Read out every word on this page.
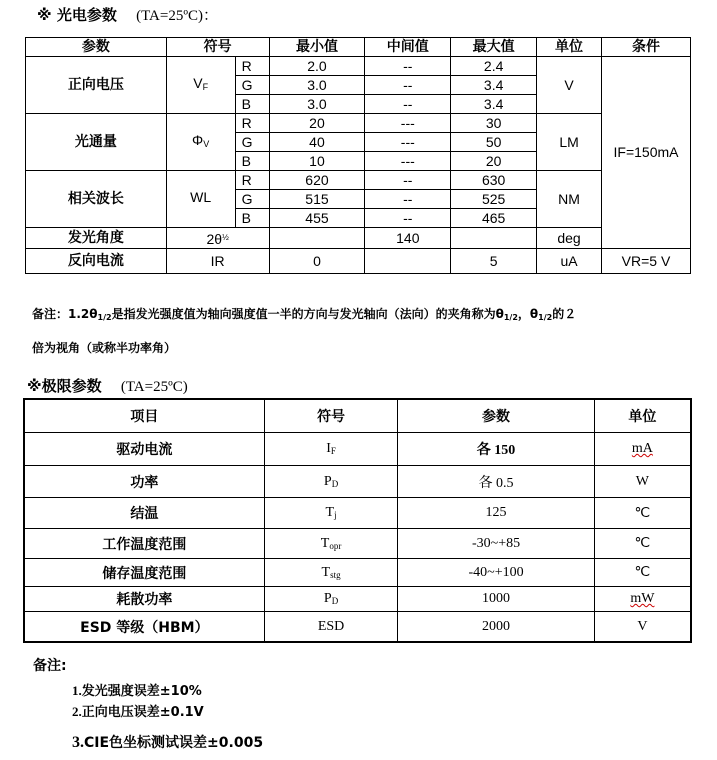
※ 光电参数 (TA=25ºC)：
参数	符号		最小值	中间值	最大值	单位	条件
正向电压	$V_F$	R	2.0	--	2.4	V	IF=150mA
		G	3.0	--	3.4		
		B	3.0	--	3.4		
光通量	$\Phi_V$	R	20	---	30	LM	
		G	40	---	50		
		B	10	---	20		
相关波长	WL	R	620	--	630	NM	
		G	515	--	525		
		B	455	--	465		
发光角度	$2\theta^{\frac{1}{2}}$			140		deg	
反向电流	IR		0		5	uA	VR=5 V
备注：$1.2\theta_{1/2}$是指发光强度值为轴向强度值一半的方向与发光轴向（法向）的夹角称为$\theta_{1/2}$，$\theta_{1/2}$的２
倍为视角（或称半功率角）
※极限参数 (TA=25ºC)
项目	符号	参数	单位
驱动电流	$I_F$	各 150	mA
功率	$P_D$	各 0.5	W
结温	$T_j$	125	℃
工作温度范围	$T_{opr}$	-30~+85	℃
储存温度范围	$T_{stg}$	-40~+100	℃
耗散功率	$P_D$	1000	mW
ESD 等级（HBM）	ESD	2000	V
备注:
1.发光强度误差±10%
2.正向电压误差±0.1V
3.CIE色坐标测试误差±0.005
